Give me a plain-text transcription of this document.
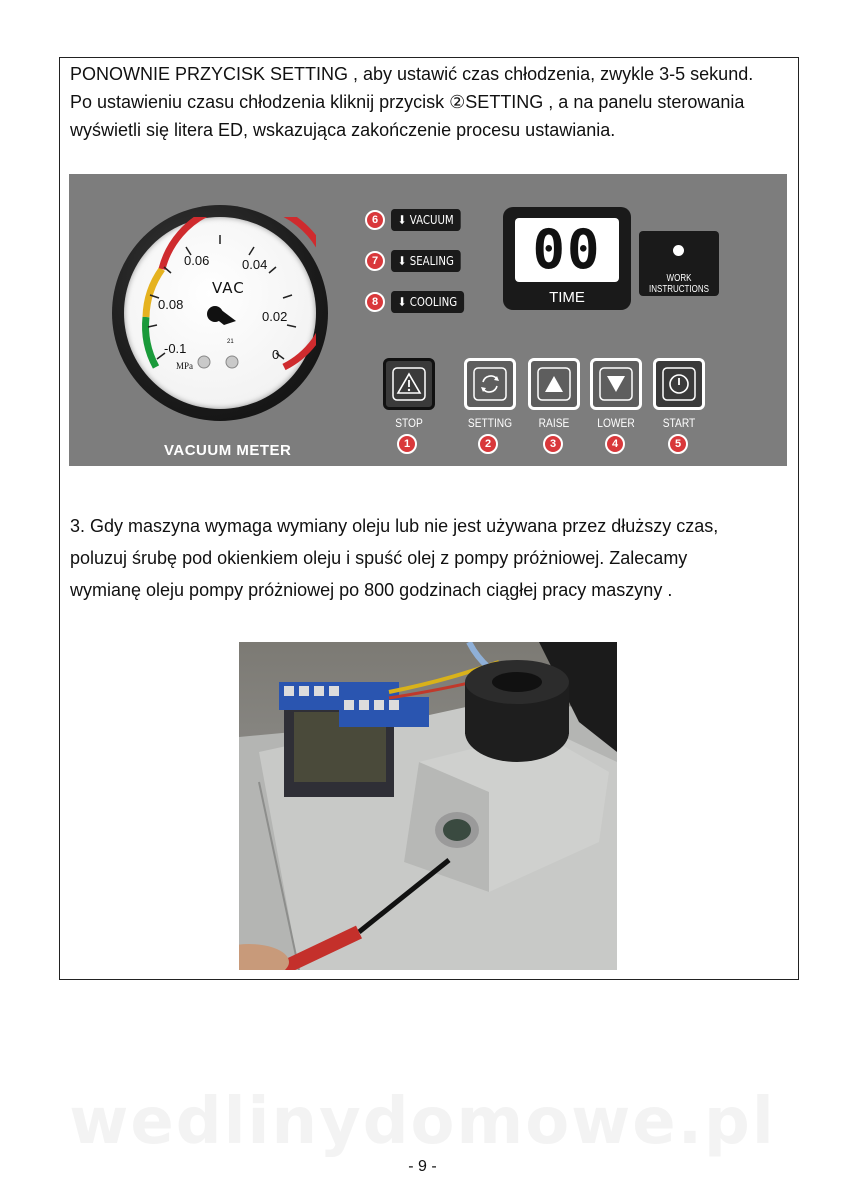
PONOWNIE PRZYCISK SETTING , aby ustawić czas chłodzenia, zwykle 3-5 sekund. Po ustawieniu czasu chłodzenia kliknij przycisk ②SETTING , a na panelu sterowania wyświetli się litera ED, wskazująca zakończenie procesu ustawiania.

0.06	0.04
0.08
0.02
-0.1	0
VAC
MPa
21
VACUUM METER
6	⬇ VACUUM
7	⬇ SEALING
8	⬇ COOLING
00
TIME
WORK INSTRUCTIONS
STOP	SETTING	RAISE	LOWER	START
1	2	3	4	5

3. Gdy maszyna wymaga wymiany oleju lub nie jest używana przez dłuższy czas, poluzuj śrubę pod okienkiem oleju i spuść olej z pompy próżniowej. Zalecamy wymianę oleju pompy próżniowej po 800 godzinach ciągłej pracy maszyny .

wedlinydomowe.pl
- 9 -
